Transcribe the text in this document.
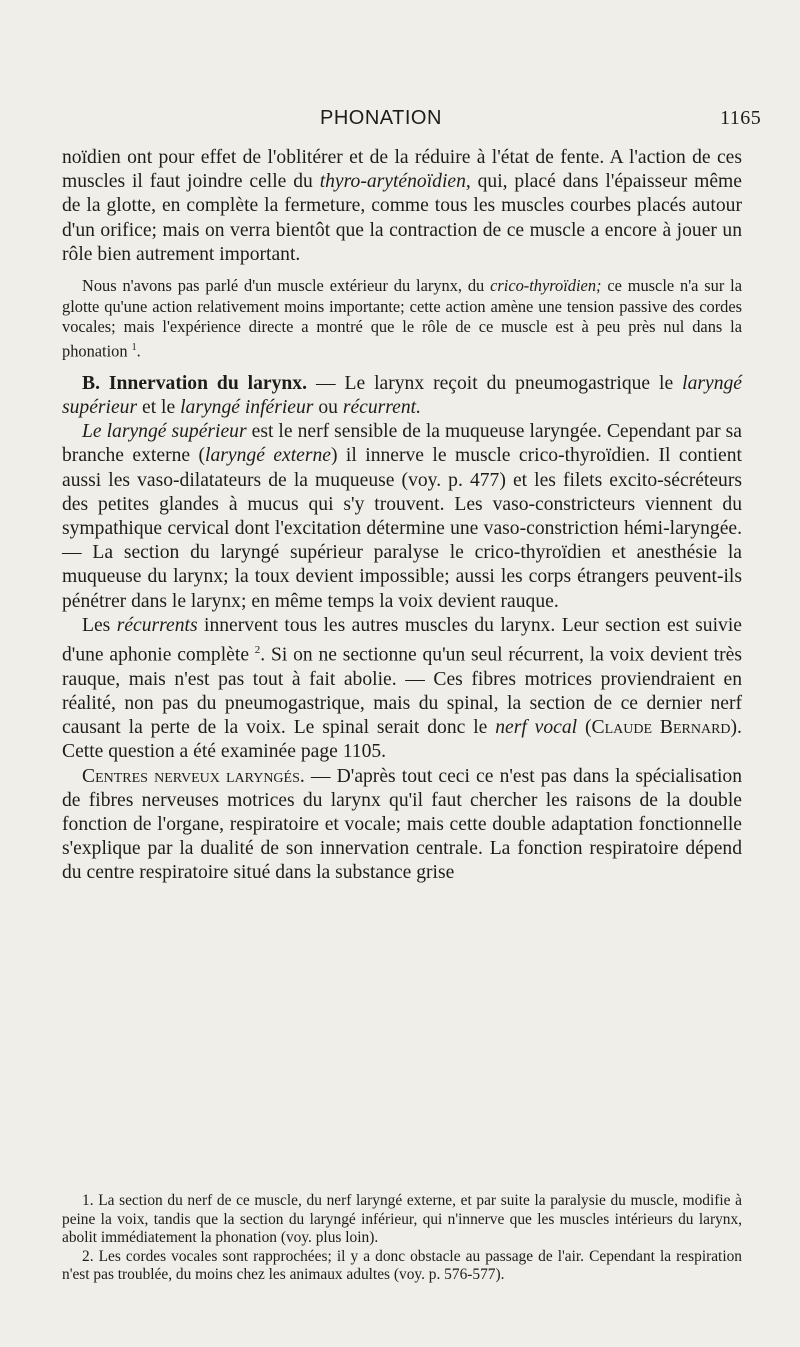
PHONATION	1165

noïdien ont pour effet de l'oblitérer et de la réduire à l'état de fente. A l'action de ces muscles il faut joindre celle du thyro-aryténoïdien, qui, placé dans l'épaisseur même de la glotte, en complète la fermeture, comme tous les muscles courbes placés autour d'un orifice; mais on verra bientôt que la contraction de ce muscle a encore à jouer un rôle bien autrement important.

Nous n'avons pas parlé d'un muscle extérieur du larynx, du crico-thyroïdien; ce muscle n'a sur la glotte qu'une action relativement moins importante; cette action amène une tension passive des cordes vocales; mais l'expérience directe a montré que le rôle de ce muscle est à peu près nul dans la phonation $^1$.

B. Innervation du larynx. — Le larynx reçoit du pneumogastrique le laryngé supérieur et le laryngé inférieur ou récurrent.

Le laryngé supérieur est le nerf sensible de la muqueuse laryngée. Cependant par sa branche externe (laryngé externe) il innerve le muscle crico-thyroïdien. Il contient aussi les vaso-dilatateurs de la muqueuse (voy. p. 477) et les filets excito-sécréteurs des petites glandes à mucus qui s'y trouvent. Les vaso-constricteurs viennent du sympathique cervical dont l'excitation détermine une vaso-constriction hémi-laryngée. — La section du laryngé supérieur paralyse le crico-thyroïdien et anesthésie la muqueuse du larynx; la toux devient impossible; aussi les corps étrangers peuvent-ils pénétrer dans le larynx; en même temps la voix devient rauque.

Les récurrents innervent tous les autres muscles du larynx. Leur section est suivie d'une aphonie complète $^2$. Si on ne sectionne qu'un seul récurrent, la voix devient très rauque, mais n'est pas tout à fait abolie. — Ces fibres motrices proviendraient en réalité, non pas du pneumogastrique, mais du spinal, la section de ce dernier nerf causant la perte de la voix. Le spinal serait donc le nerf vocal (Claude Bernard). Cette question a été examinée page 1105.

Centres nerveux laryngés. — D'après tout ceci ce n'est pas dans la spécialisation de fibres nerveuses motrices du larynx qu'il faut chercher les raisons de la double fonction de l'organe, respiratoire et vocale; mais cette double adaptation fonctionnelle s'explique par la dualité de son innervation centrale. La fonction respiratoire dépend du centre respiratoire situé dans la substance grise

1. La section du nerf de ce muscle, du nerf laryngé externe, et par suite la paralysie du muscle, modifie à peine la voix, tandis que la section du laryngé inférieur, qui n'innerve que les muscles intérieurs du larynx, abolit immédiatement la phonation (voy. plus loin).

2. Les cordes vocales sont rapprochées; il y a donc obstacle au passage de l'air. Cependant la respiration n'est pas troublée, du moins chez les animaux adultes (voy. p. 576-577).
